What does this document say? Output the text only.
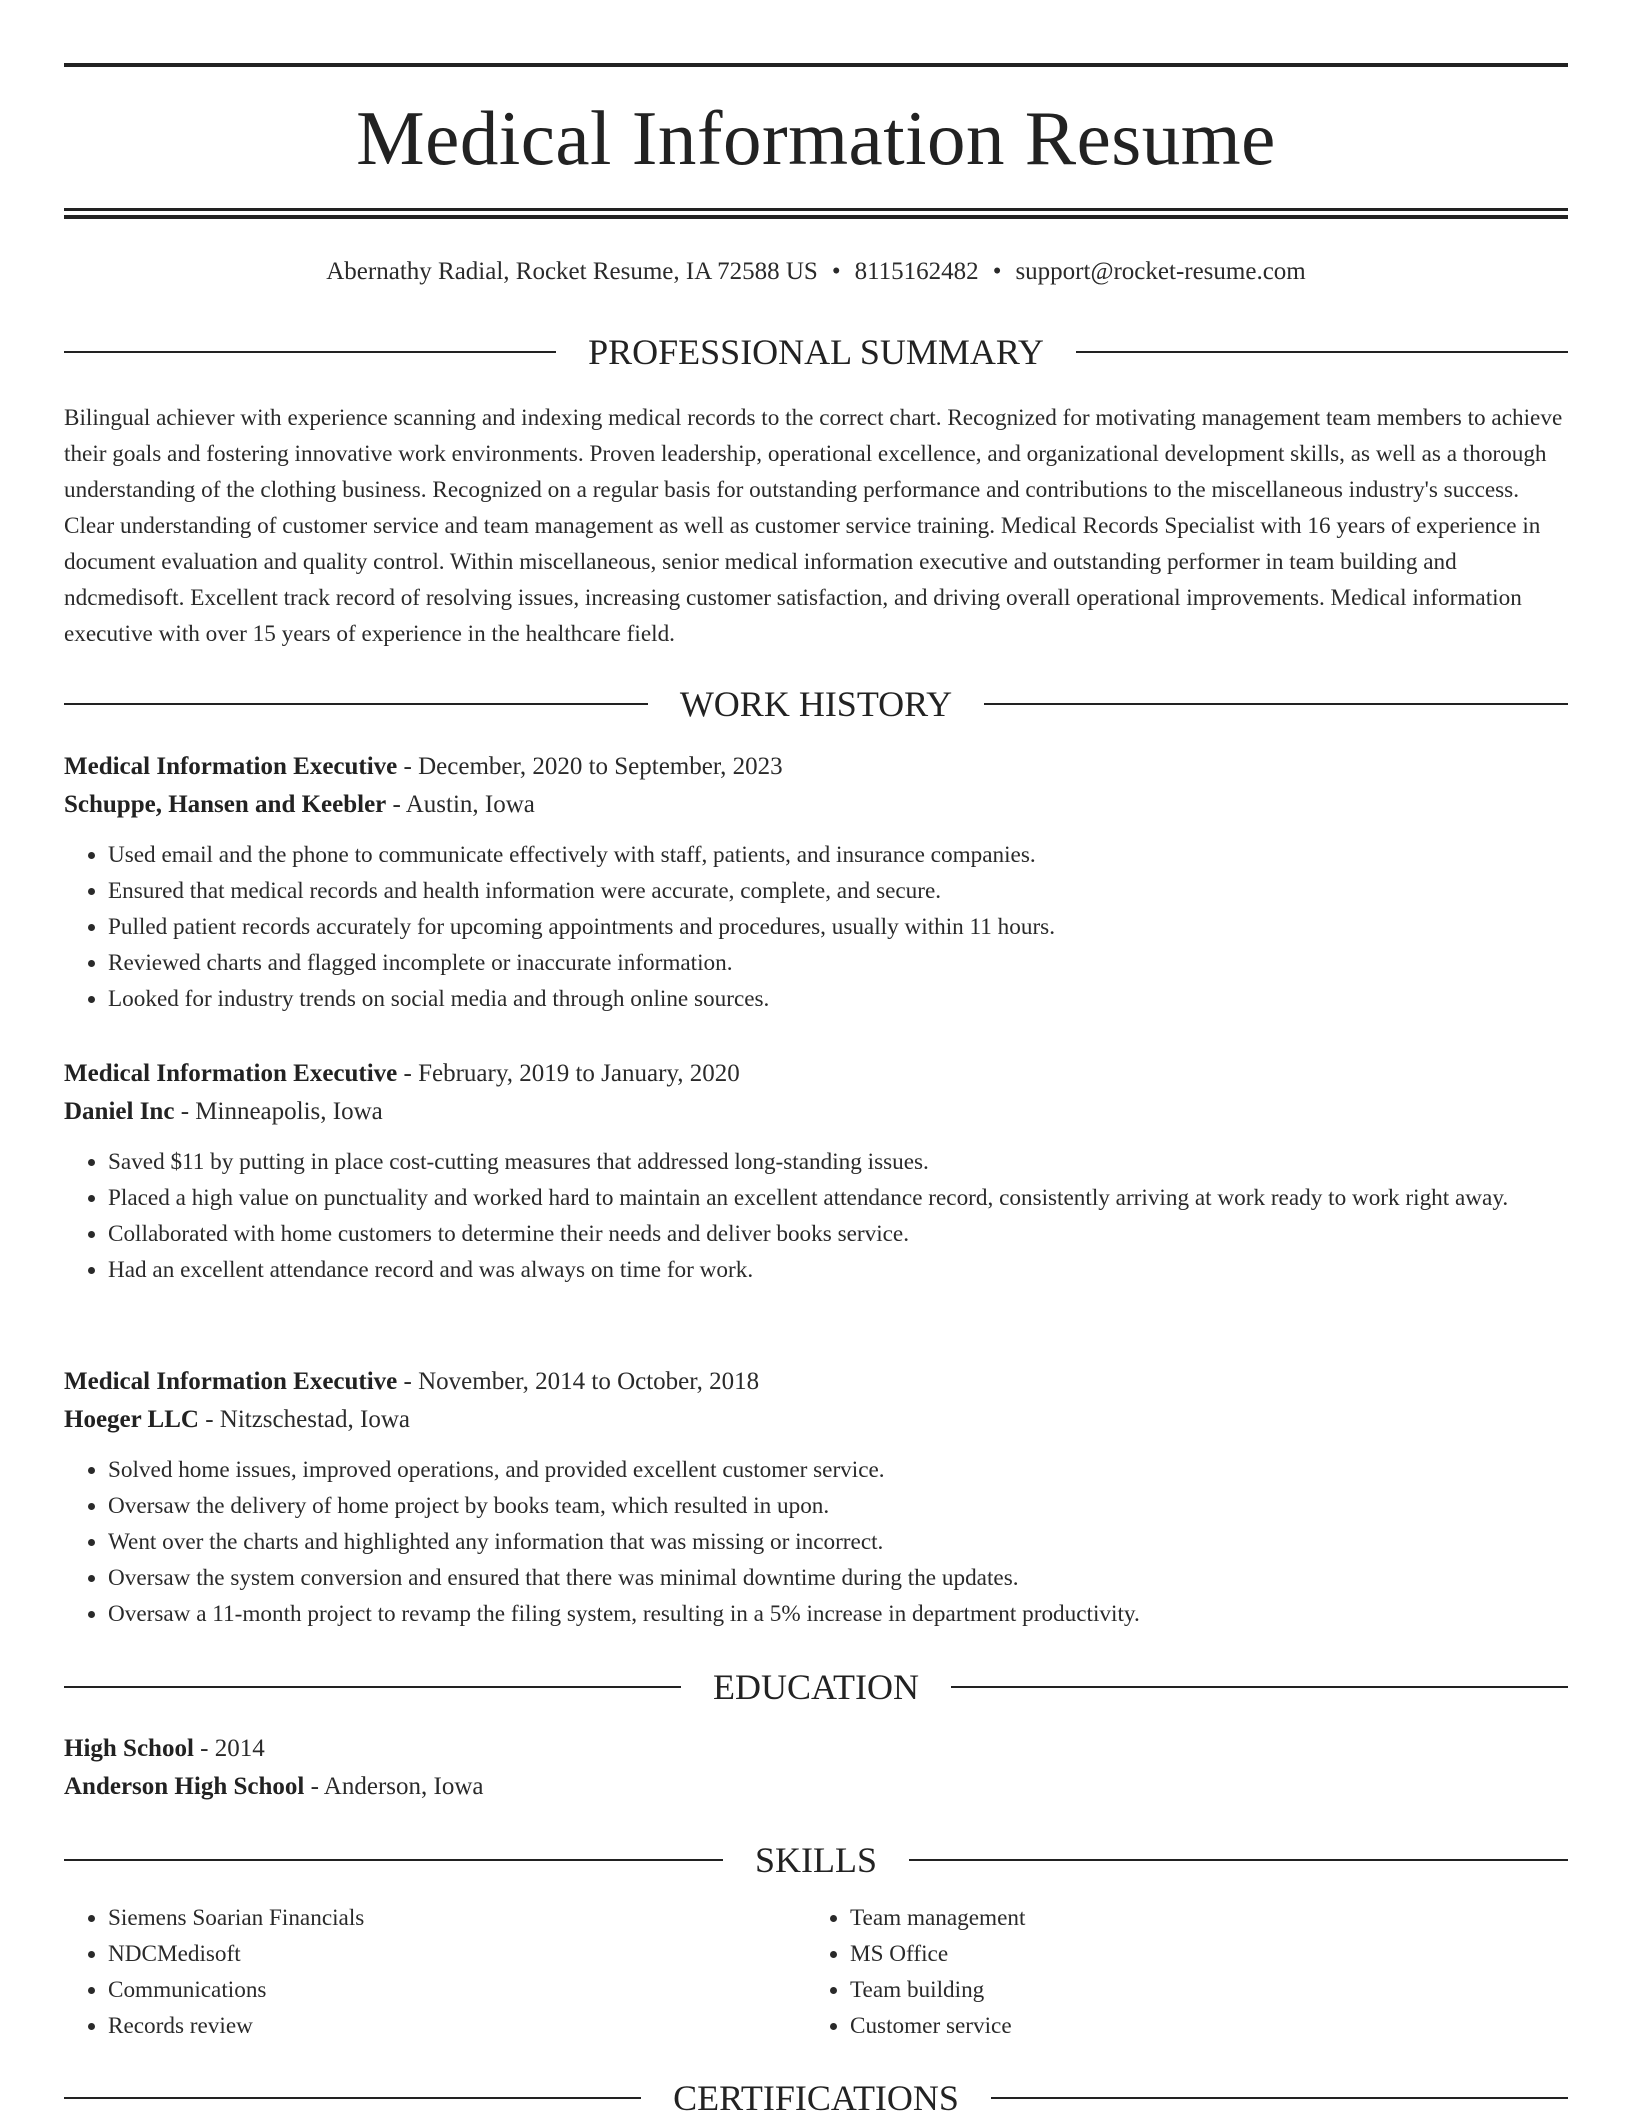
Medical Information Resume
Abernathy Radial, Rocket Resume, IA 72588 US • 8115162482 • support@rocket-resume.com
PROFESSIONAL SUMMARY

Bilingual achiever with experience scanning and indexing medical records to the correct chart. Recognized for motivating management team members to achieve their goals and fostering innovative work environments. Proven leadership, operational excellence, and organizational development skills, as well as a thorough understanding of the clothing business. Recognized on a regular basis for outstanding performance and contributions to the miscellaneous industry's success. Clear understanding of customer service and team management as well as customer service training. Medical Records Specialist with 16 years of experience in document evaluation and quality control. Within miscellaneous, senior medical information executive and outstanding performer in team building and ndcmedisoft. Excellent track record of resolving issues, increasing customer satisfaction, and driving overall operational improvements. Medical information executive with over 15 years of experience in the healthcare field.

WORK HISTORY
Medical Information Executive - December, 2020 to September, 2023
Schuppe, Hansen and Keebler - Austin, Iowa
• Used email and the phone to communicate effectively with staff, patients, and insurance companies.
• Ensured that medical records and health information were accurate, complete, and secure.
• Pulled patient records accurately for upcoming appointments and procedures, usually within 11 hours.
• Reviewed charts and flagged incomplete or inaccurate information.
• Looked for industry trends on social media and through online sources.
Medical Information Executive - February, 2019 to January, 2020
Daniel Inc - Minneapolis, Iowa
• Saved $11 by putting in place cost-cutting measures that addressed long-standing issues.
• Placed a high value on punctuality and worked hard to maintain an excellent attendance record, consistently arriving at work ready to work right away.
• Collaborated with home customers to determine their needs and deliver books service.
• Had an excellent attendance record and was always on time for work.
Medical Information Executive - November, 2014 to October, 2018
Hoeger LLC - Nitzschestad, Iowa
• Solved home issues, improved operations, and provided excellent customer service.
• Oversaw the delivery of home project by books team, which resulted in upon.
• Went over the charts and highlighted any information that was missing or incorrect.
• Oversaw the system conversion and ensured that there was minimal downtime during the updates.
• Oversaw a 11-month project to revamp the filing system, resulting in a 5% increase in department productivity.
EDUCATION
High School - 2014
Anderson High School - Anderson, Iowa
SKILLS
• Siemens Soarian Financials
• NDCMedisoft
• Communications
• Records review
• Team management
• MS Office
• Team building
• Customer service
CERTIFICATIONS
